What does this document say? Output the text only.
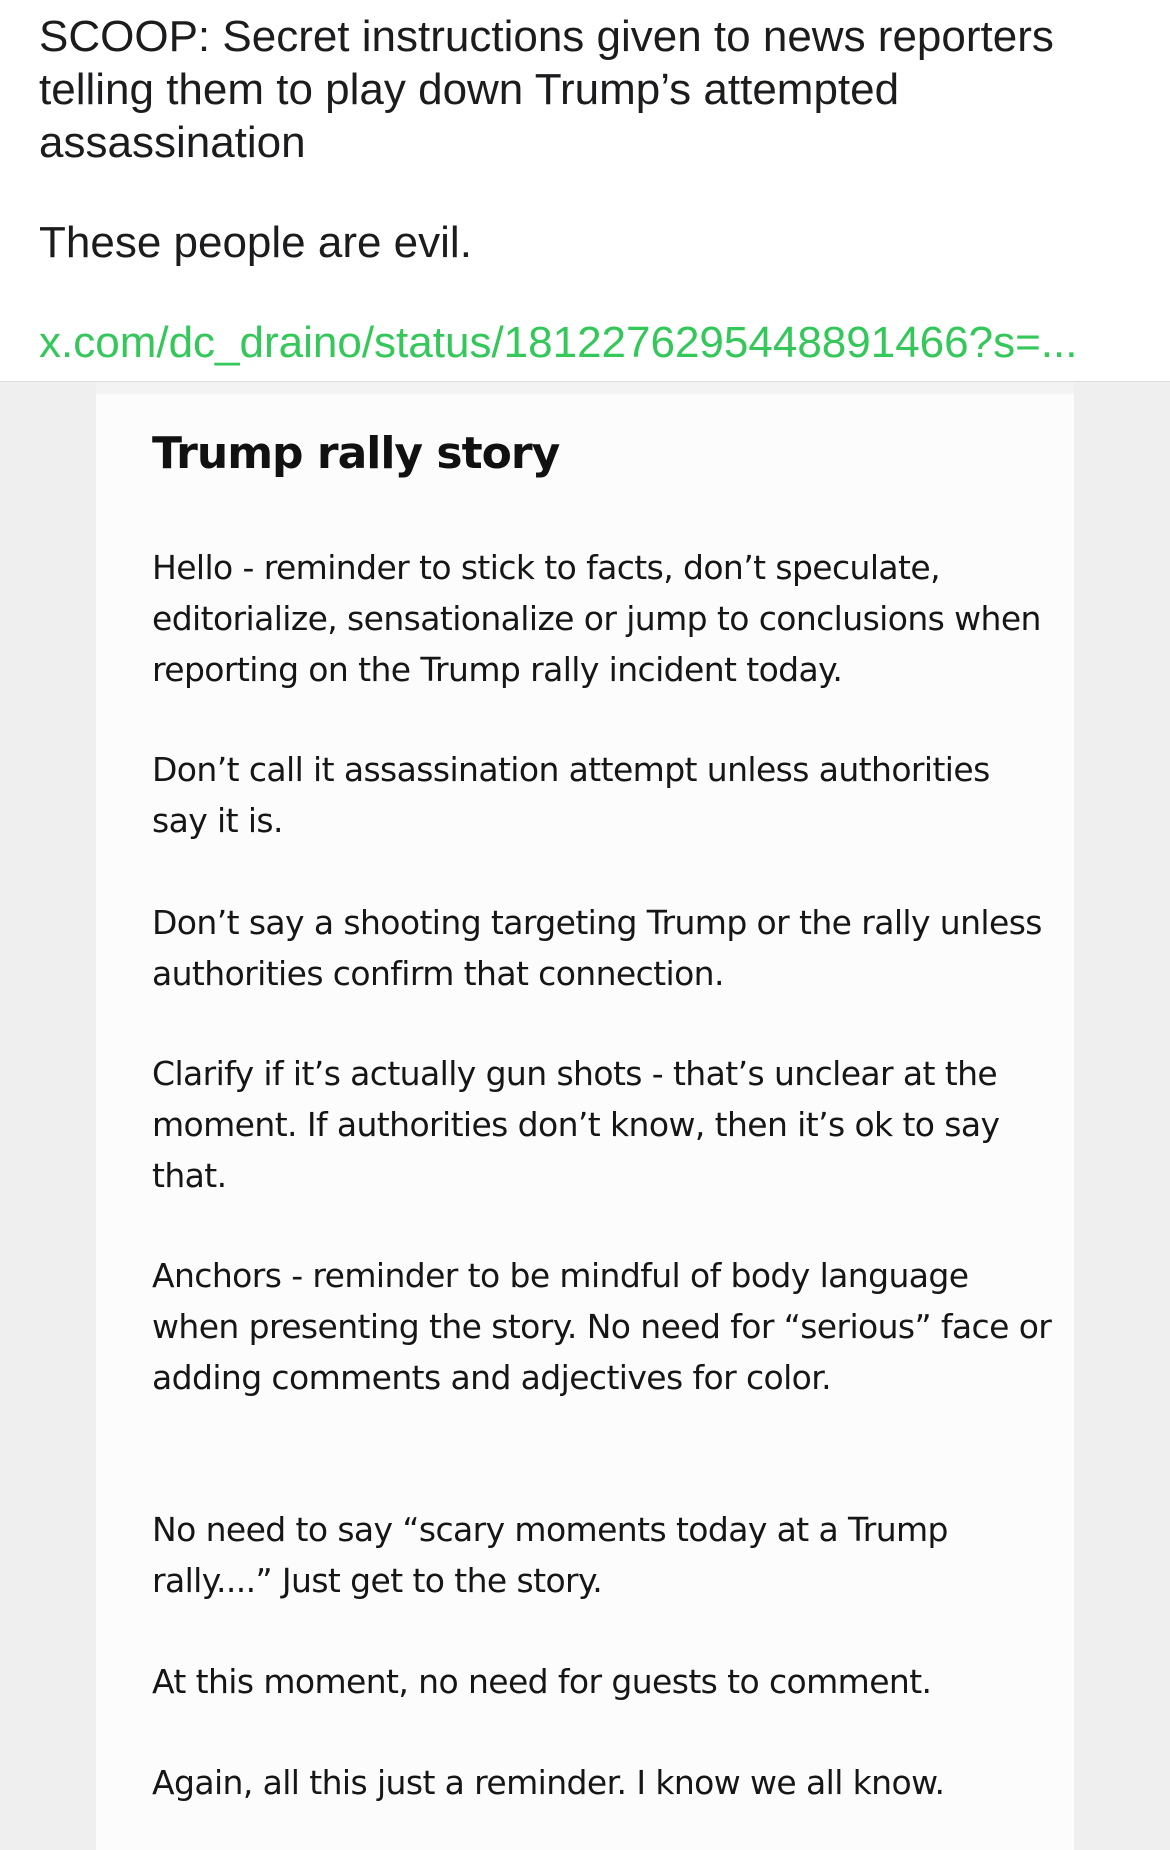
SCOOP: Secret instructions given to news reporters telling them to play down Trump’s attempted assassination

These people are evil.

x.com/dc_draino/status/1812276295448891466?s=...

Trump rally story

Hello - reminder to stick to facts, don’t speculate, editorialize, sensationalize or jump to conclusions when reporting on the Trump rally incident today.

Don’t call it assassination attempt unless authorities say it is.

Don’t say a shooting targeting Trump or the rally unless authorities confirm that connection.

Clarify if it’s actually gun shots - that’s unclear at the moment. If authorities don’t know, then it’s ok to say that.

Anchors - reminder to be mindful of body language when presenting the story. No need for “serious” face or adding comments and adjectives for color.

No need to say “scary moments today at a Trump rally....” Just get to the story.

At this moment, no need for guests to comment.

Again, all this just a reminder. I know we all know.
